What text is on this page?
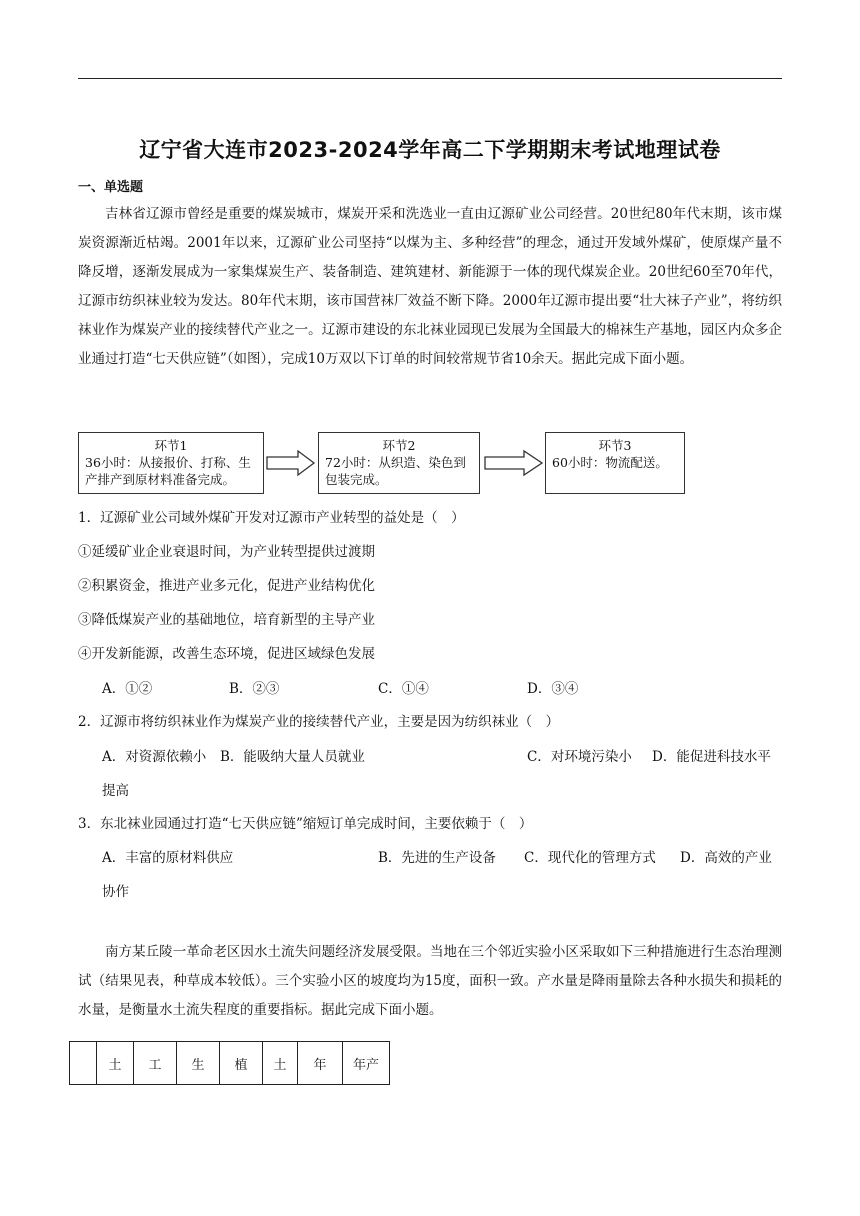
辽宁省大连市2023-2024学年高二下学期期末考试地理试卷
一、单选题

吉林省辽源市曾经是重要的煤炭城市，煤炭开采和洗选业一直由辽源矿业公司经营。20世纪80年代末期，该市煤炭资源渐近枯竭。2001年以来，辽源矿业公司坚持“以煤为主、多种经营”的理念，通过开发域外煤矿，使原煤产量不降反增，逐渐发展成为一家集煤炭生产、装备制造、建筑建材、新能源于一体的现代煤炭企业。20世纪60至70年代，辽源市纺织袜业较为发达。80年代末期，该市国营袜厂效益不断下降。2000年辽源市提出要“壮大袜子产业”，将纺织袜业作为煤炭产业的接续替代产业之一。辽源市建设的东北袜业园现已发展为全国最大的棉袜生产基地，园区内众多企业通过打造“七天供应链”（如图），完成10万双以下订单的时间较常规节省10余天。据此完成下面小题。

环节1
36小时：从接报价、打称、生产排产到原材料准备完成。
环节2
72小时：从织造、染色到包装完成。
环节3
60小时：物流配送。
1．辽源矿业公司域外煤矿开发对辽源市产业转型的益处是（　）
①延缓矿业企业衰退时间，为产业转型提供过渡期
②积累资金，推进产业多元化，促进产业结构优化
③降低煤炭产业的基础地位，培育新型的主导产业
④开发新能源，改善生态环境，促进区域绿色发展
A．①②	B．②③	C．①④	D．③④
2．辽源市将纺织袜业作为煤炭产业的接续替代产业，主要是因为纺织袜业（　）
A．对资源依赖小 B．能吸纳大量人员就业	C．对环境污染小 D．能促进科技水平
提高
3．东北袜业园通过打造“七天供应链”缩短订单完成时间，主要依赖于（　）
A．丰富的原材料供应	B．先进的生产设备 C．现代化的管理方式 D．高效的产业
协作

南方某丘陵一革命老区因水土流失问题经济发展受限。当地在三个邻近实验小区采取如下三种措施进行生态治理测试（结果见表，种草成本较低）。三个实验小区的坡度均为15度，面积一致。产水量是降雨量除去各种水损失和损耗的水量，是衡量水土流失程度的重要指标。据此完成下面小题。

	土	工	生	植	土	年	年产
